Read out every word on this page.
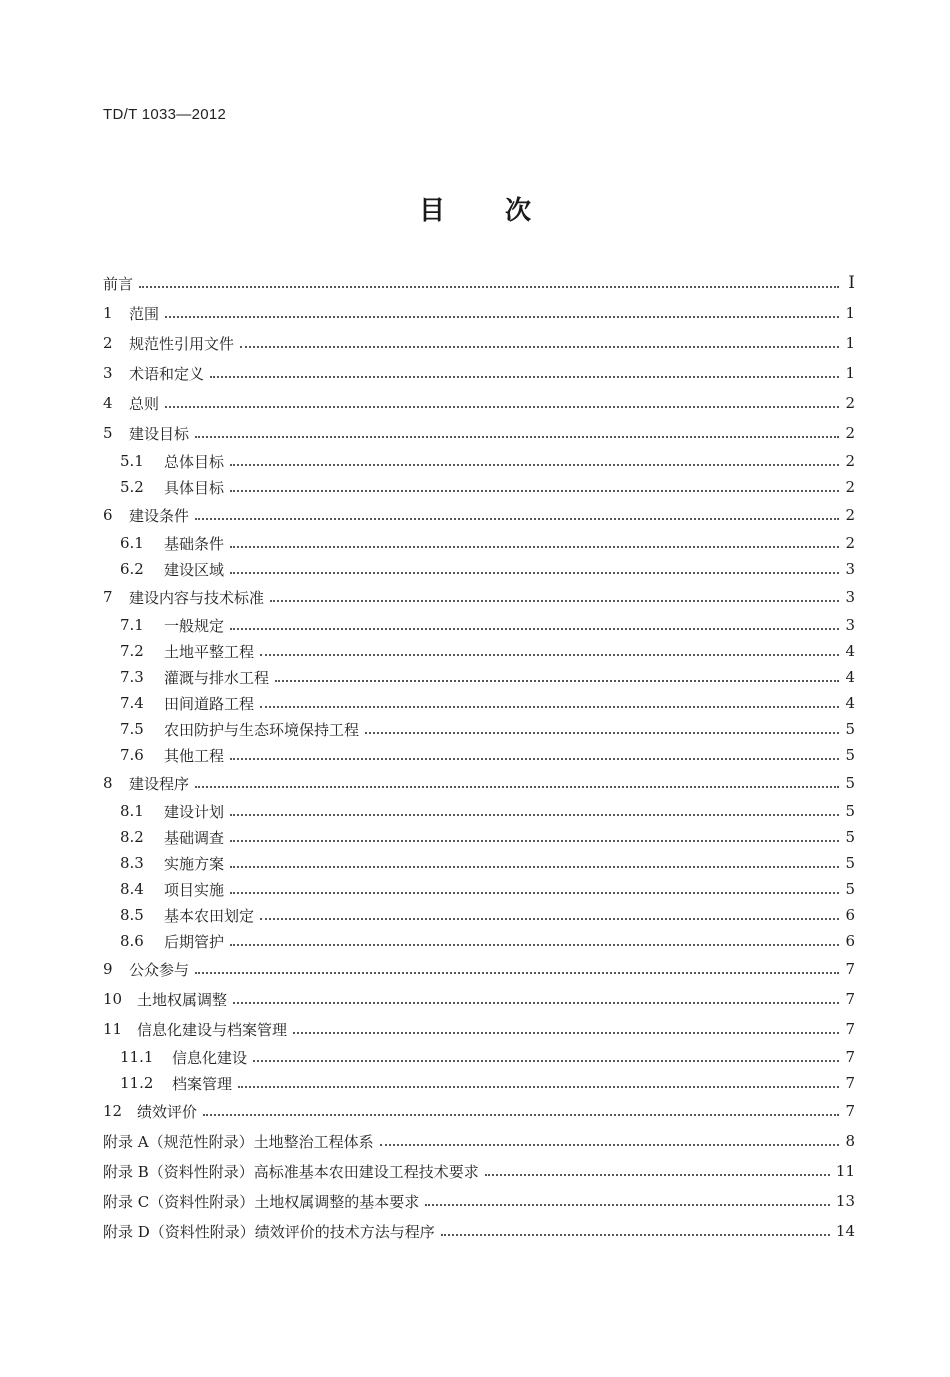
TD/T 1033—2012
目 次
前言	I
1	范围	1
2	规范性引用文件	1
3	术语和定义	1
4	总则	2
5	建设目标	2
5.1	总体目标	2
5.2	具体目标	2
6	建设条件	2
6.1	基础条件	2
6.2	建设区域	3
7	建设内容与技术标准	3
7.1	一般规定	3
7.2	土地平整工程	4
7.3	灌溉与排水工程	4
7.4	田间道路工程	4
7.5	农田防护与生态环境保持工程	5
7.6	其他工程	5
8	建设程序	5
8.1	建设计划	5
8.2	基础调查	5
8.3	实施方案	5
8.4	项目实施	5
8.5	基本农田划定	6
8.6	后期管护	6
9	公众参与	7
10 土地权属调整	7
11 信息化建设与档案管理	7
11.1	信息化建设	7
11.2	档案管理	7
12 绩效评价	7
附录 A（规范性附录） 土地整治工程体系	8
附录 B（资料性附录） 高标准基本农田建设工程技术要求	11
附录 C（资料性附录） 土地权属调整的基本要求	13
附录 D（资料性附录） 绩效评价的技术方法与程序	14
